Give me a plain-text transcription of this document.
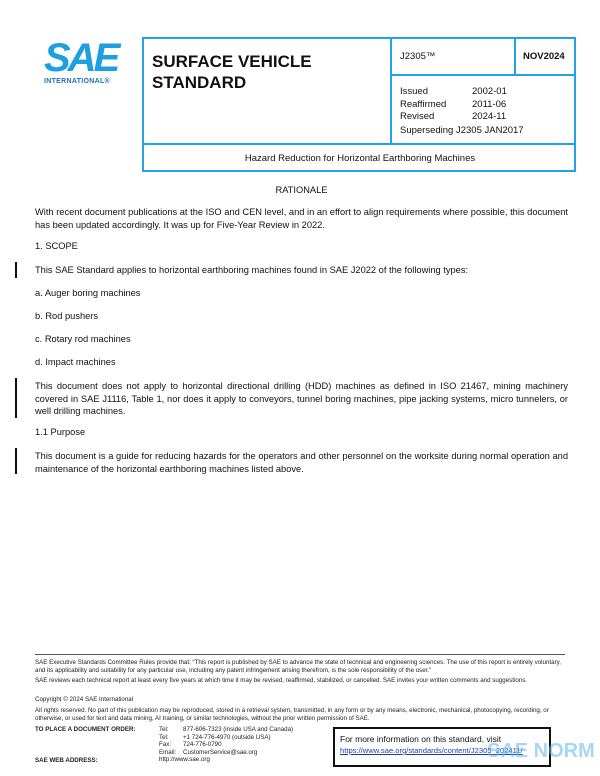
SAE
INTERNATIONAL®
SURFACE VEHICLE STANDARD
J2305™	NOV2024
Issued	2002-01
Reaffirmed	2011-06
Revised	2024-11
Superseding J2305 JAN2017
Hazard Reduction for Horizontal Earthboring Machines
RATIONALE
With recent document publications at the ISO and CEN level, and in an effort to align requirements where possible, this document has been updated accordingly. It was up for Five-Year Review in 2022.
1. SCOPE
This SAE Standard applies to horizontal earthboring machines found in SAE J2022 of the following types:
a. Auger boring machines
b. Rod pushers
c. Rotary rod machines
d. Impact machines
This document does not apply to horizontal directional drilling (HDD) machines as defined in ISO 21467, mining machinery covered in SAE J1116, Table 1, nor does it apply to conveyors, tunnel boring machines, pipe jacking systems, micro tunnelers, or well drilling machines.
1.1 Purpose
This document is a guide for reducing hazards for the operators and other personnel on the worksite during normal operation and maintenance of the horizontal earthboring machines listed above.
SAE Executive Standards Committee Rules provide that: “This report is published by SAE to advance the state of technical and engineering sciences. The use of this report is entirely voluntary, and its applicability and suitability for any particular use, including any patent infringement arising therefrom, is the sole responsibility of the user.”
SAE reviews each technical report at least every five years at which time it may be revised, reaffirmed, stabilized, or cancelled. SAE invites your written comments and suggestions.
Copyright © 2024 SAE International
All rights reserved. No part of this publication may be reproduced, stored in a retrieval system, transmitted, in any form or by any means, electronic, mechanical, photocopying, recording, or otherwise, or used for text and data mining, AI training, or similar technologies, without the prior written permission of SAE.
TO PLACE A DOCUMENT ORDER:
SAE WEB ADDRESS:
Tel: 877-606-7323 (inside USA and Canada)
Tel: +1 724-776-4970 (outside USA)
Fax: 724-776-0790
Email: CustomerService@sae.org
http://www.sae.org
For more information on this standard, visit
https://www.sae.org/standards/content/J2305_202411/
SAE NORM
